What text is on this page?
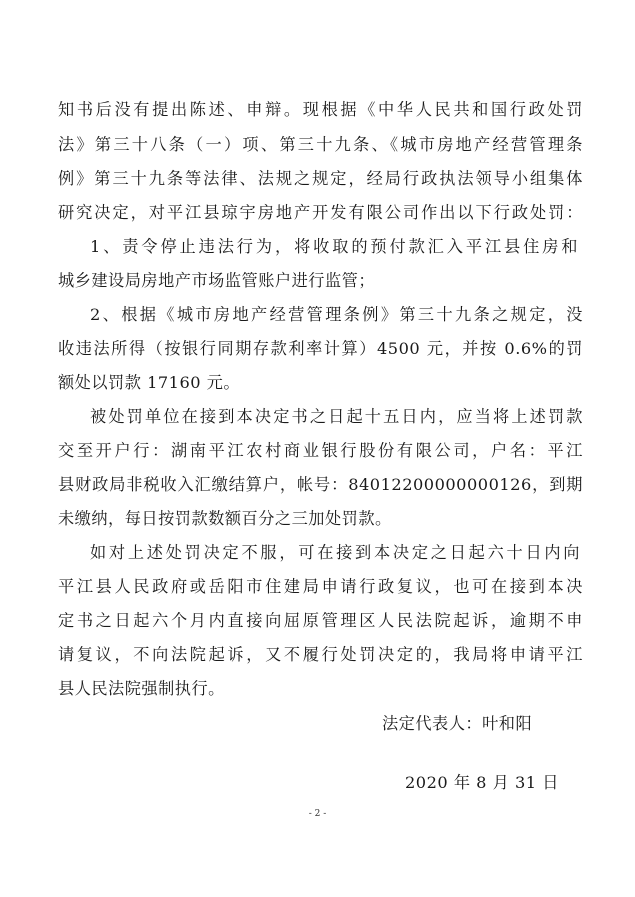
知书后没有提出陈述、申辩。现根据《中华人民共和国行政处罚
法》第三十八条（一）项、第三十九条、《城市房地产经营管理条
例》第三十九条等法律、法规之规定，经局行政执法领导小组集体
研究决定，对平江县琼宇房地产开发有限公司作出以下行政处罚：
1、责令停止违法行为，将收取的预付款汇入平江县住房和
城乡建设局房地产市场监管账户进行监管；
2、根据《城市房地产经营管理条例》第三十九条之规定，没
收违法所得（按银行同期存款利率计算）4500 元，并按 0.6%的罚
额处以罚款 17160 元。
被处罚单位在接到本决定书之日起十五日内，应当将上述罚款
交至开户行：湖南平江农村商业银行股份有限公司，户名：平江
县财政局非税收入汇缴结算户，帐号：84012200000000126，到期
未缴纳，每日按罚款数额百分之三加处罚款。
如对上述处罚决定不服，可在接到本决定之日起六十日内向
平江县人民政府或岳阳市住建局申请行政复议，也可在接到本决
定书之日起六个月内直接向屈原管理区人民法院起诉，逾期不申
请复议，不向法院起诉，又不履行处罚决定的，我局将申请平江
县人民法院强制执行。
法定代表人：叶和阳
2020 年 8 月 31 日
- 2 -
